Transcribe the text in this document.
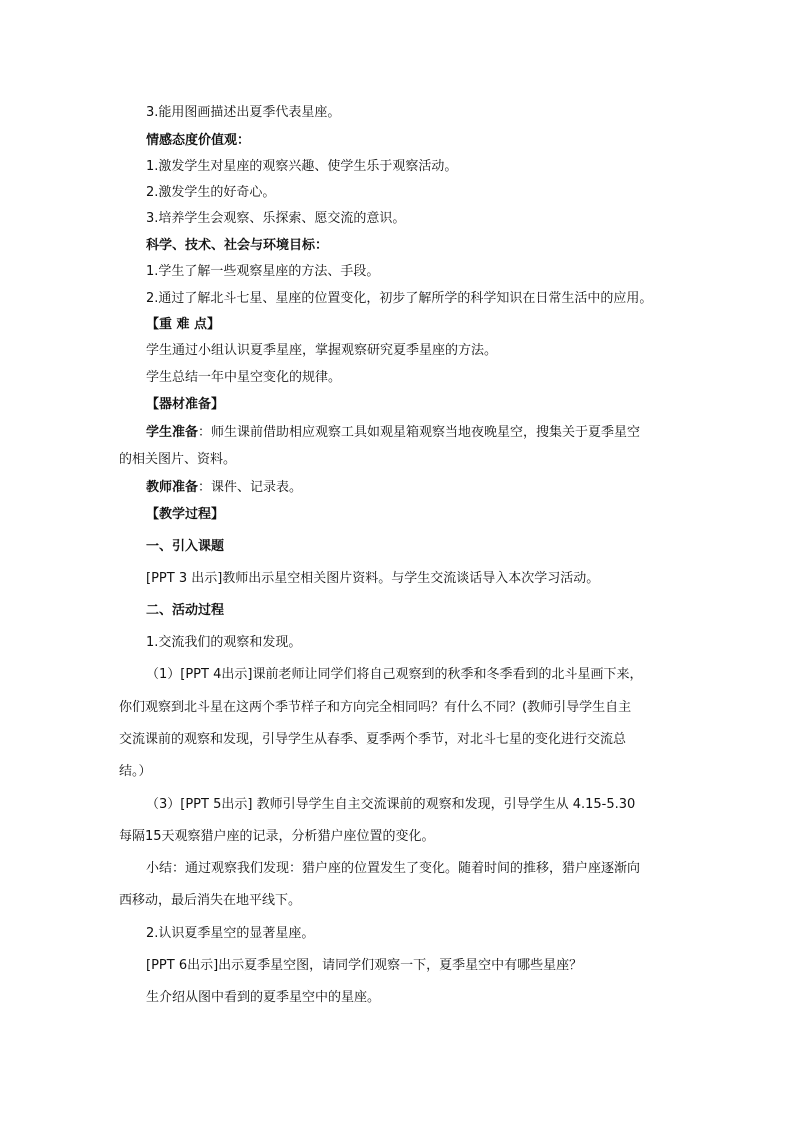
3.能用图画描述出夏季代表星座。
情感态度价值观：
1.激发学生对星座的观察兴趣、使学生乐于观察活动。
2.激发学生的好奇心。
3.培养学生会观察、乐探索、愿交流的意识。
科学、技术、社会与环境目标：
1.学生了解一些观察星座的方法、手段。
2.通过了解北斗七星、星座的位置变化，初步了解所学的科学知识在日常生活中的应用。
【重 难 点】
学生通过小组认识夏季星座，掌握观察研究夏季星座的方法。
学生总结一年中星空变化的规律。
【器材准备】
学生准备：师生课前借助相应观察工具如观星箱观察当地夜晚星空，搜集关于夏季星空
的相关图片、资料。
教师准备：课件、记录表。
【教学过程】
一、引入课题
[PPT 3 出示]教师出示星空相关图片资料。与学生交流谈话导入本次学习活动。
二、活动过程
1.交流我们的观察和发现。
（1）[PPT 4出示]课前老师让同学们将自己观察到的秋季和冬季看到的北斗星画下来，
你们观察到北斗星在这两个季节样子和方向完全相同吗？有什么不同？(教师引导学生自主
交流课前的观察和发现，引导学生从春季、夏季两个季节，对北斗七星的变化进行交流总
结。）
（3）[PPT 5出示] 教师引导学生自主交流课前的观察和发现，引导学生从 4.15-5.30
每隔15天观察猎户座的记录，分析猎户座位置的变化。
小结：通过观察我们发现：猎户座的位置发生了变化。随着时间的推移，猎户座逐渐向
西移动，最后消失在地平线下。
2.认识夏季星空的显著星座。
[PPT 6出示]出示夏季星空图，请同学们观察一下，夏季星空中有哪些星座？
生介绍从图中看到的夏季星空中的星座。
